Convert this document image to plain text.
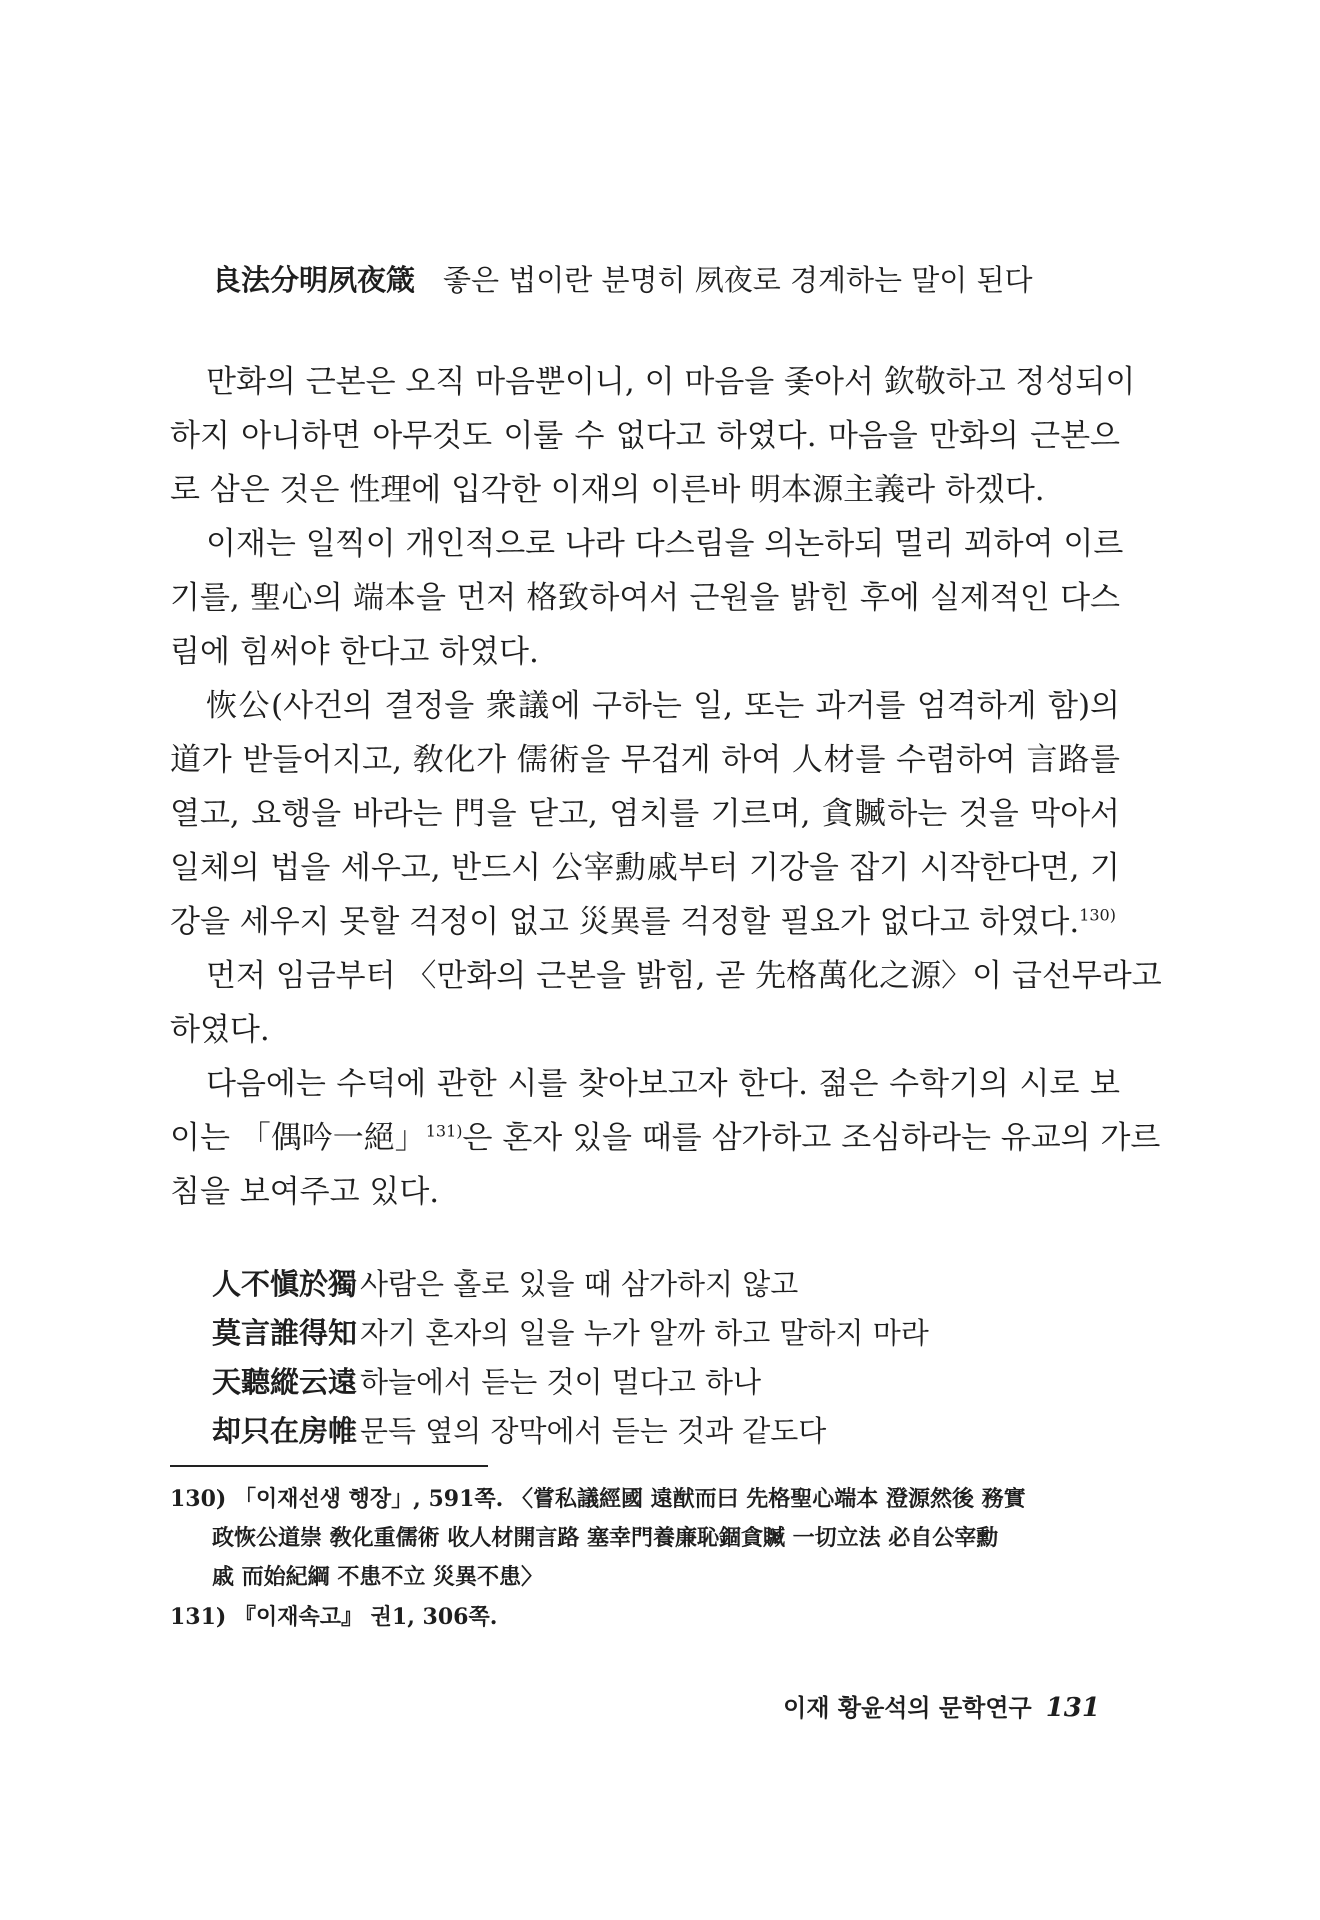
良法分明夙夜箴 좋은 법이란 분명히 夙夜로 경계하는 말이 된다
만화의 근본은 오직 마음뿐이니, 이 마음을 좇아서 欽敬하고 정성되이
하지 아니하면 아무것도 이룰 수 없다고 하였다. 마음을 만화의 근본으
로 삼은 것은 性理에 입각한 이재의 이른바 明本源主義라 하겠다.
이재는 일찍이 개인적으로 나라 다스림을 의논하되 멀리 꾀하여 이르
기를, 聖心의 端本을 먼저 格致하여서 근원을 밝힌 후에 실제적인 다스
림에 힘써야 한다고 하였다.
恢公(사건의 결정을 衆議에 구하는 일, 또는 과거를 엄격하게 함)의
道가 받들어지고, 敎化가 儒術을 무겁게 하여 人材를 수렴하여 言路를
열고, 요행을 바라는 門을 닫고, 염치를 기르며, 貪贓하는 것을 막아서
일체의 법을 세우고, 반드시 公宰勳戚부터 기강을 잡기 시작한다면, 기
강을 세우지 못할 걱정이 없고 災異를 걱정할 필요가 없다고 하였다.$^{130)}$
먼저 임금부터 〈만화의 근본을 밝힘, 곧 先格萬化之源〉이 급선무라고
하였다.
다음에는 수덕에 관한 시를 찾아보고자 한다. 젊은 수학기의 시로 보
이는 「偶吟一絕」$^{131)}$은 혼자 있을 때를 삼가하고 조심하라는 유교의 가르
침을 보여주고 있다.
人不愼於獨 사람은 홀로 있을 때 삼가하지 않고
莫言誰得知 자기 혼자의 일을 누가 알까 하고 말하지 마라
天聽縱云遠 하늘에서 듣는 것이 멀다고 하나
却只在房帷 문득 옆의 장막에서 듣는 것과 같도다
130) 「이재선생 행장」, 591쪽. 〈嘗私議經國 遠猷而曰 先格聖心端本 澄源然後 務實
政恢公道崇 敎化重儒術 收人材開言路 塞幸門養廉恥錮貪贓 一切立法 必自公宰勳
戚 而始紀綱 不患不立 災異不患〉
131) 『이재속고』 권1, 306쪽.
이재 황윤석의 문학연구 131
